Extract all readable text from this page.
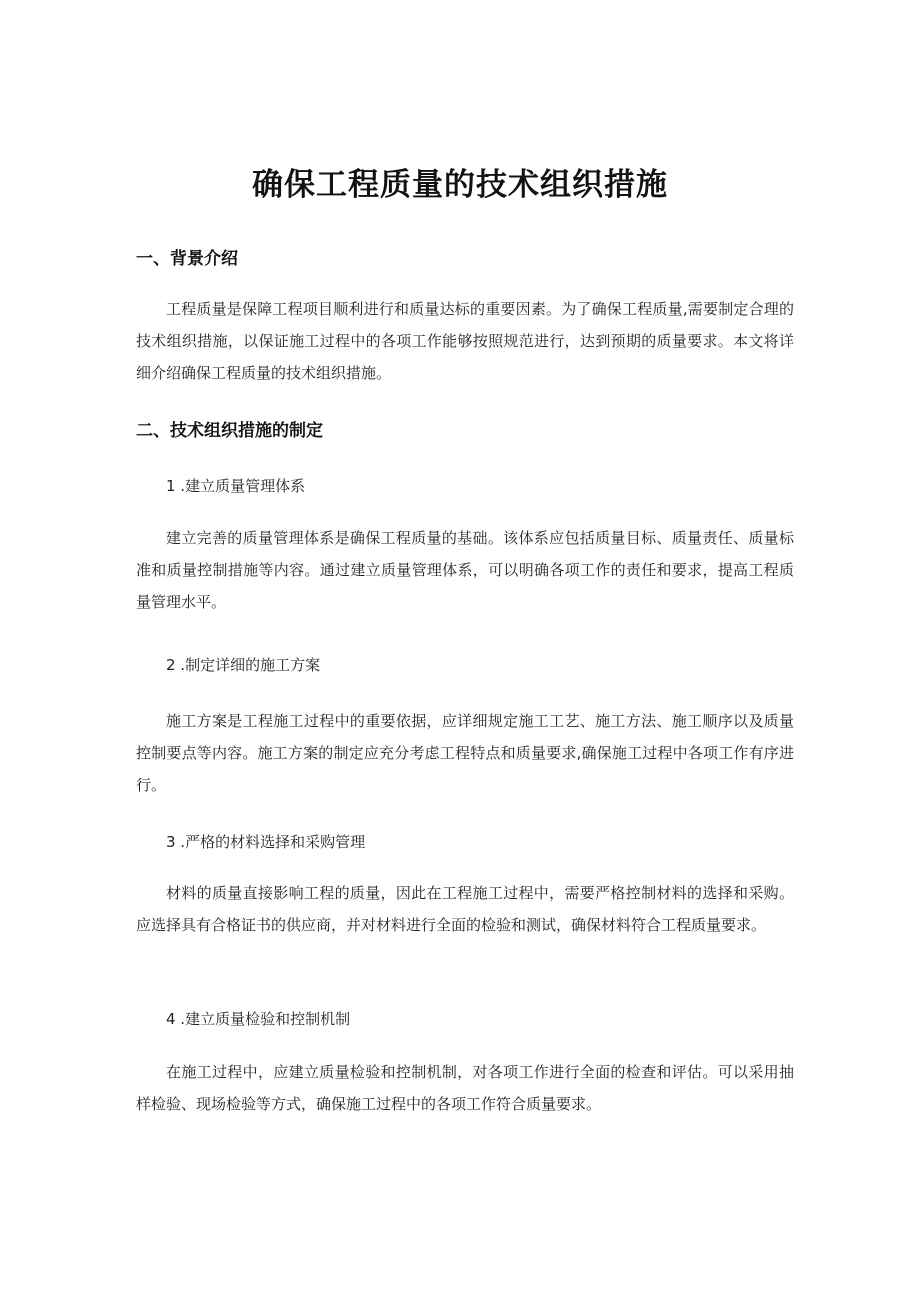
确保工程质量的技术组织措施
一、背景介绍
工程质量是保障工程项目顺利进行和质量达标的重要因素。为了确保工程质量,需要制定合理的技术组织措施，以保证施工过程中的各项工作能够按照规范进行，达到预期的质量要求。本文将详细介绍确保工程质量的技术组织措施。
二、技术组织措施的制定
1 .建立质量管理体系
建立完善的质量管理体系是确保工程质量的基础。该体系应包括质量目标、质量责任、质量标准和质量控制措施等内容。通过建立质量管理体系，可以明确各项工作的责任和要求，提高工程质量管理水平。
2 .制定详细的施工方案
施工方案是工程施工过程中的重要依据，应详细规定施工工艺、施工方法、施工顺序以及质量控制要点等内容。施工方案的制定应充分考虑工程特点和质量要求,确保施工过程中各项工作有序进行。
3 .严格的材料选择和采购管理
材料的质量直接影响工程的质量，因此在工程施工过程中，需要严格控制材料的选择和采购。应选择具有合格证书的供应商，并对材料进行全面的检验和测试，确保材料符合工程质量要求。
4 .建立质量检验和控制机制
在施工过程中，应建立质量检验和控制机制，对各项工作进行全面的检查和评估。可以采用抽样检验、现场检验等方式，确保施工过程中的各项工作符合质量要求。
